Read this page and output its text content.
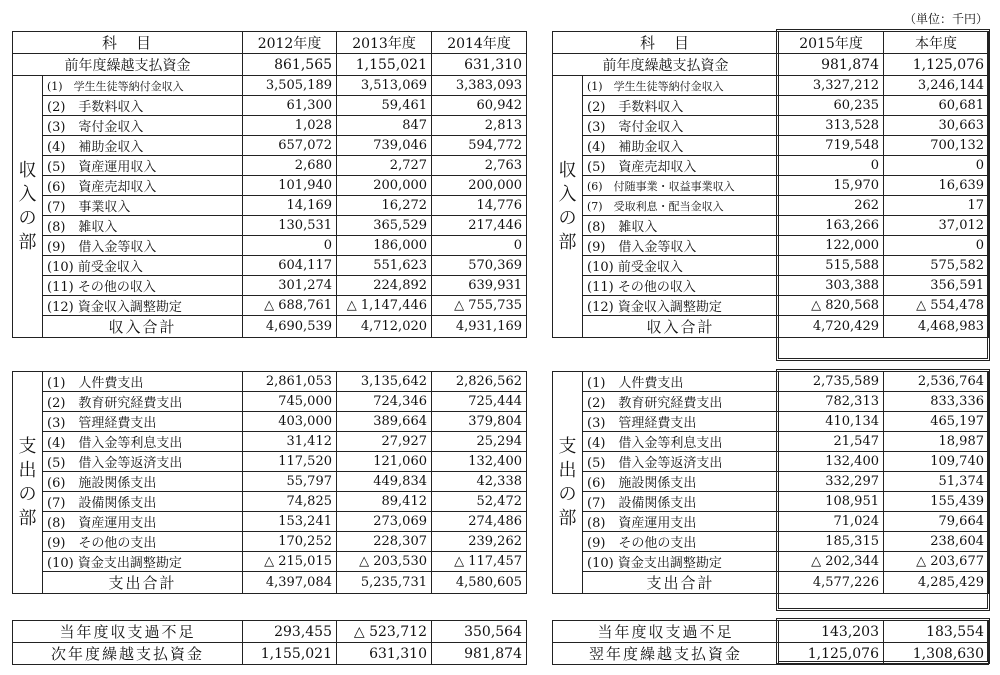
（単位：千円）
科　目		2012年度	2013年度	2014年度
前年度繰越支払資金		861,565	1,155,021	631,310

収
入
の
部	(1)　学生生徒等納付金収入	3,505,189	3,513,069	3,383,093
	(2)　手数料収入	61,300	59,461	60,942
	(3)　寄付金収入	1,028	847	2,813
	(4)　補助金収入	657,072	739,046	594,772
	(5)　資産運用収入	2,680	2,727	2,763
	(6)　資産売却収入	101,940	200,000	200,000
	(7)　事業収入	14,169	16,272	14,776
	(8)　雑収入	130,531	365,529	217,446
	(9)　借入金等収入	0	186,000	0
	(10) 前受金収入	604,117	551,623	570,369
	(11) その他の収入	301,274	224,892	639,931
	(12) 資金収入調整勘定	△ 688,761	△ 1,147,446	△ 755,735
	収入合計	4,690,539	4,712,020	4,931,169
支
出
の
部	(1)　人件費支出	2,861,053	3,135,642	2,826,562
	(2)　教育研究経費支出	745,000	724,346	725,444
	(3)　管理経費支出	403,000	389,664	379,804
	(4)　借入金等利息支出	31,412	27,927	25,294
	(5)　借入金等返済支出	117,520	121,060	132,400
	(6)　施設関係支出	55,797	449,834	42,338
	(7)　設備関係支出	74,825	89,412	52,472
	(8)　資産運用支出	153,241	273,069	274,486
	(9)　その他の支出	170,252	228,307	239,262
	(10) 資金支出調整勘定	△ 215,015	△ 203,530	△ 117,457
	支出合計	4,397,084	5,235,731	4,580,605
当年度収支過不足	293,455	△ 523,712	350,564
次年度繰越支払資金	1,155,021	631,310	981,874
科　目		2015年度	本年度
前年度繰越支払資金		981,874	1,125,076

収
入
の
部	(1)　学生生徒等納付金収入	3,327,212	3,246,144
	(2)　手数料収入	60,235	60,681
	(3)　寄付金収入	313,528	30,663
	(4)　補助金収入	719,548	700,132
	(5)　資産売却収入	0	0
	(6)　付随事業・収益事業収入	15,970	16,639
	(7)　受取利息・配当金収入	262	17
	(8)　雑収入	163,266	37,012
	(9)　借入金等収入	122,000	0
	(10) 前受金収入	515,588	575,582
	(11) その他の収入	303,388	356,591
	(12) 資金収入調整勘定	△ 820,568	△ 554,478
	収入合計	4,720,429	4,468,983
支
出
の
部	(1)　人件費支出	2,735,589	2,536,764
	(2)　教育研究経費支出	782,313	833,336
	(3)　管理経費支出	410,134	465,197
	(4)　借入金等利息支出	21,547	18,987
	(5)　借入金等返済支出	132,400	109,740
	(6)　施設関係支出	332,297	51,374
	(7)　設備関係支出	108,951	155,439
	(8)　資産運用支出	71,024	79,664
	(9)　その他の支出	185,315	238,604
	(10) 資金支出調整勘定	△ 202,344	△ 203,677
	支出合計	4,577,226	4,285,429
当年度収支過不足	143,203	183,554
翌年度繰越支払資金	1,125,076	1,308,630
